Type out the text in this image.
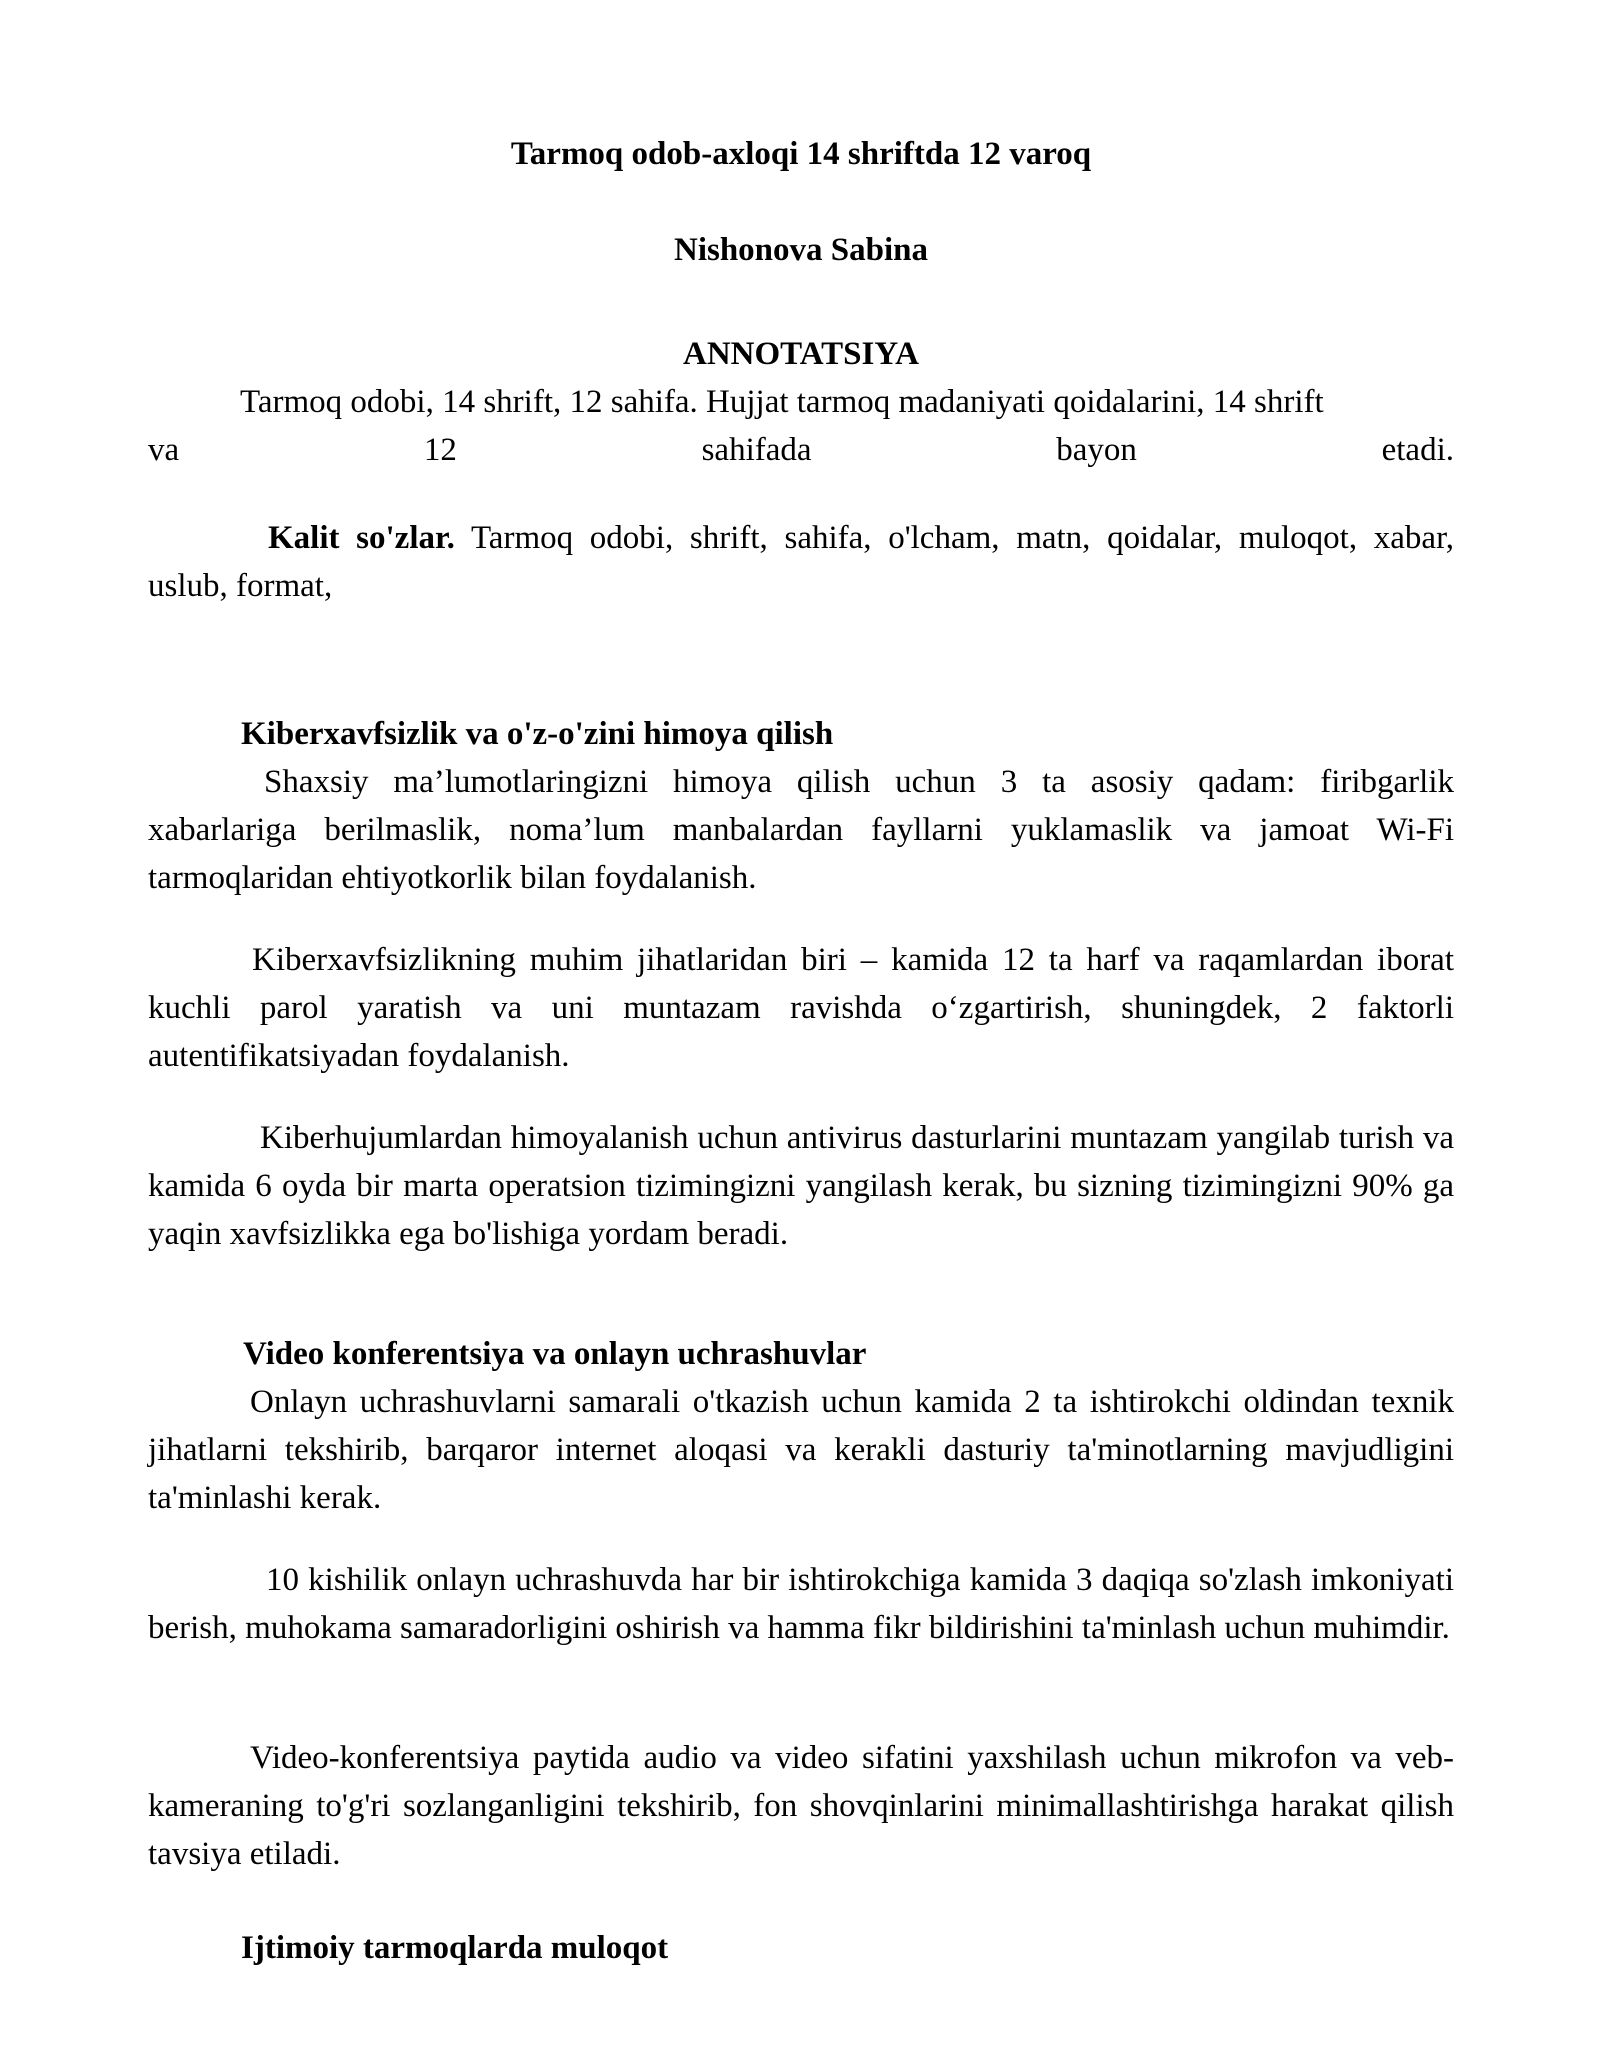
Tarmoq odob-axloqi 14 shriftda 12 varoq
Nishonova Sabina
ANNOTATSIYA
Tarmoq odobi, 14 shrift, 12 sahifa. Hujjat tarmoq madaniyati qoidalarini, 14 shrift
va 12 sahifada bayon etadi.

Kalit so'zlar. Tarmoq odobi, shrift, sahifa, o'lcham, matn, qoidalar, muloqot, xabar, uslub, format,

Kiberxavfsizlik va o'z-o'zini himoya qilish

Shaxsiy ma’lumotlaringizni himoya qilish uchun 3 ta asosiy qadam: firibgarlik xabarlariga berilmaslik, noma’lum manbalardan fayllarni yuklamaslik va jamoat Wi-Fi tarmoqlaridan ehtiyotkorlik bilan foydalanish.

Kiberxavfsizlikning muhim jihatlaridan biri – kamida 12 ta harf va raqamlardan iborat kuchli parol yaratish va uni muntazam ravishda o‘zgartirish, shuningdek, 2 faktorli autentifikatsiyadan foydalanish.

Kiberhujumlardan himoyalanish uchun antivirus dasturlarini muntazam yangilab turish va kamida 6 oyda bir marta operatsion tizimingizni yangilash kerak, bu sizning tizimingizni 90% ga yaqin xavfsizlikka ega bo'lishiga yordam beradi.

Video konferentsiya va onlayn uchrashuvlar

Onlayn uchrashuvlarni samarali o'tkazish uchun kamida 2 ta ishtirokchi oldindan texnik jihatlarni tekshirib, barqaror internet aloqasi va kerakli dasturiy ta'minotlarning mavjudligini ta'minlashi kerak.

10 kishilik onlayn uchrashuvda har bir ishtirokchiga kamida 3 daqiqa so'zlash imkoniyati berish, muhokama samaradorligini oshirish va hamma fikr bildirishini ta'minlash uchun muhimdir.

Video-konferentsiya paytida audio va video sifatini yaxshilash uchun mikrofon va veb-kameraning to'g'ri sozlanganligini tekshirib, fon shovqinlarini minimallashtirishga harakat qilish tavsiya etiladi.

Ijtimoiy tarmoqlarda muloqot
